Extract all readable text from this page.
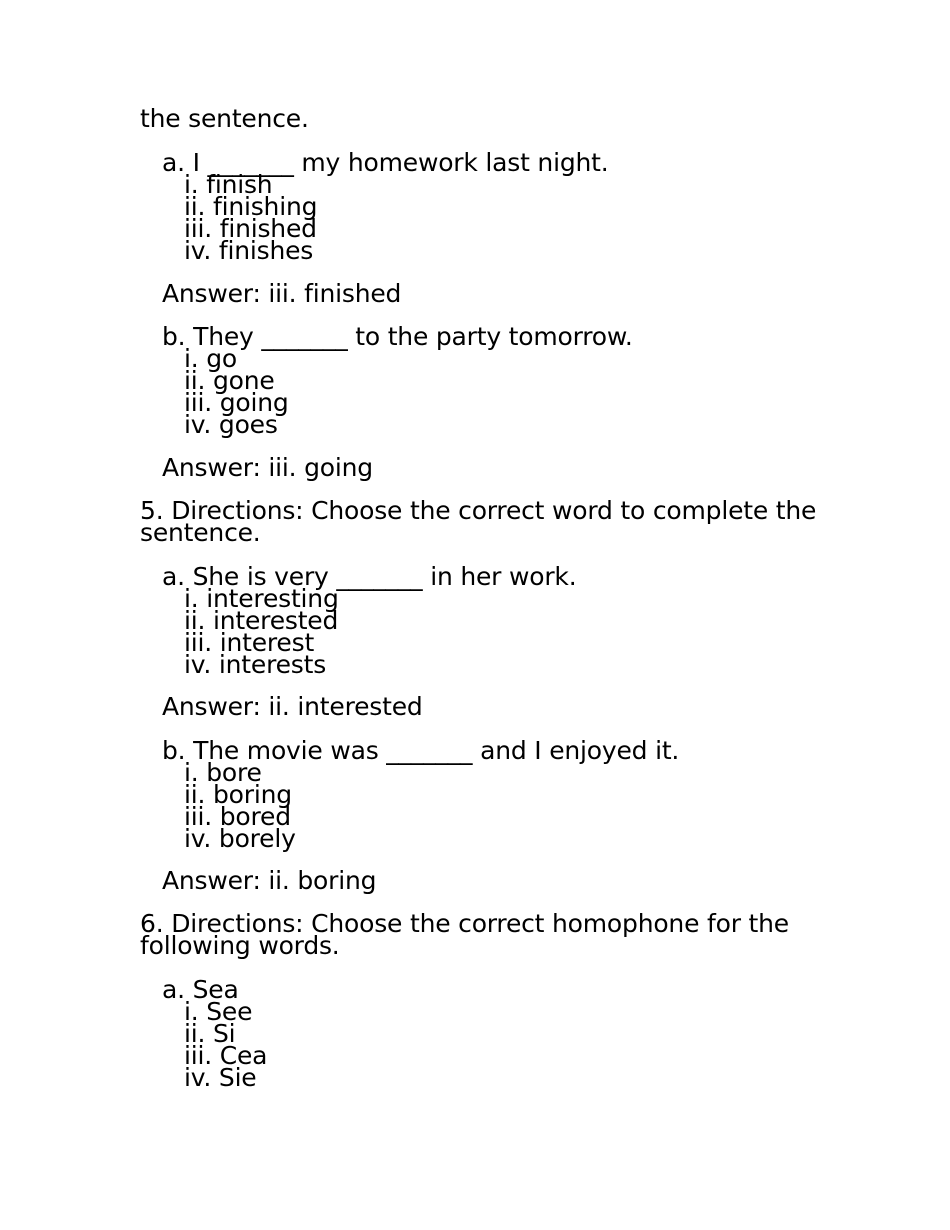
the sentence.
a. I _______ my homework last night.
i. finish
ii. finishing
iii. finished
iv. finishes
Answer: iii. finished
b. They _______ to the party tomorrow.
i. go
ii. gone
iii. going
iv. goes
Answer: iii. going
5. Directions: Choose the correct word to complete the
sentence.
a. She is very _______ in her work.
i. interesting
ii. interested
iii. interest
iv. interests
Answer: ii. interested
b. The movie was _______ and I enjoyed it.
i. bore
ii. boring
iii. bored
iv. borely
Answer: ii. boring
6. Directions: Choose the correct homophone for the
following words.
a. Sea
i. See
ii. Si
iii. Cea
iv. Sie
